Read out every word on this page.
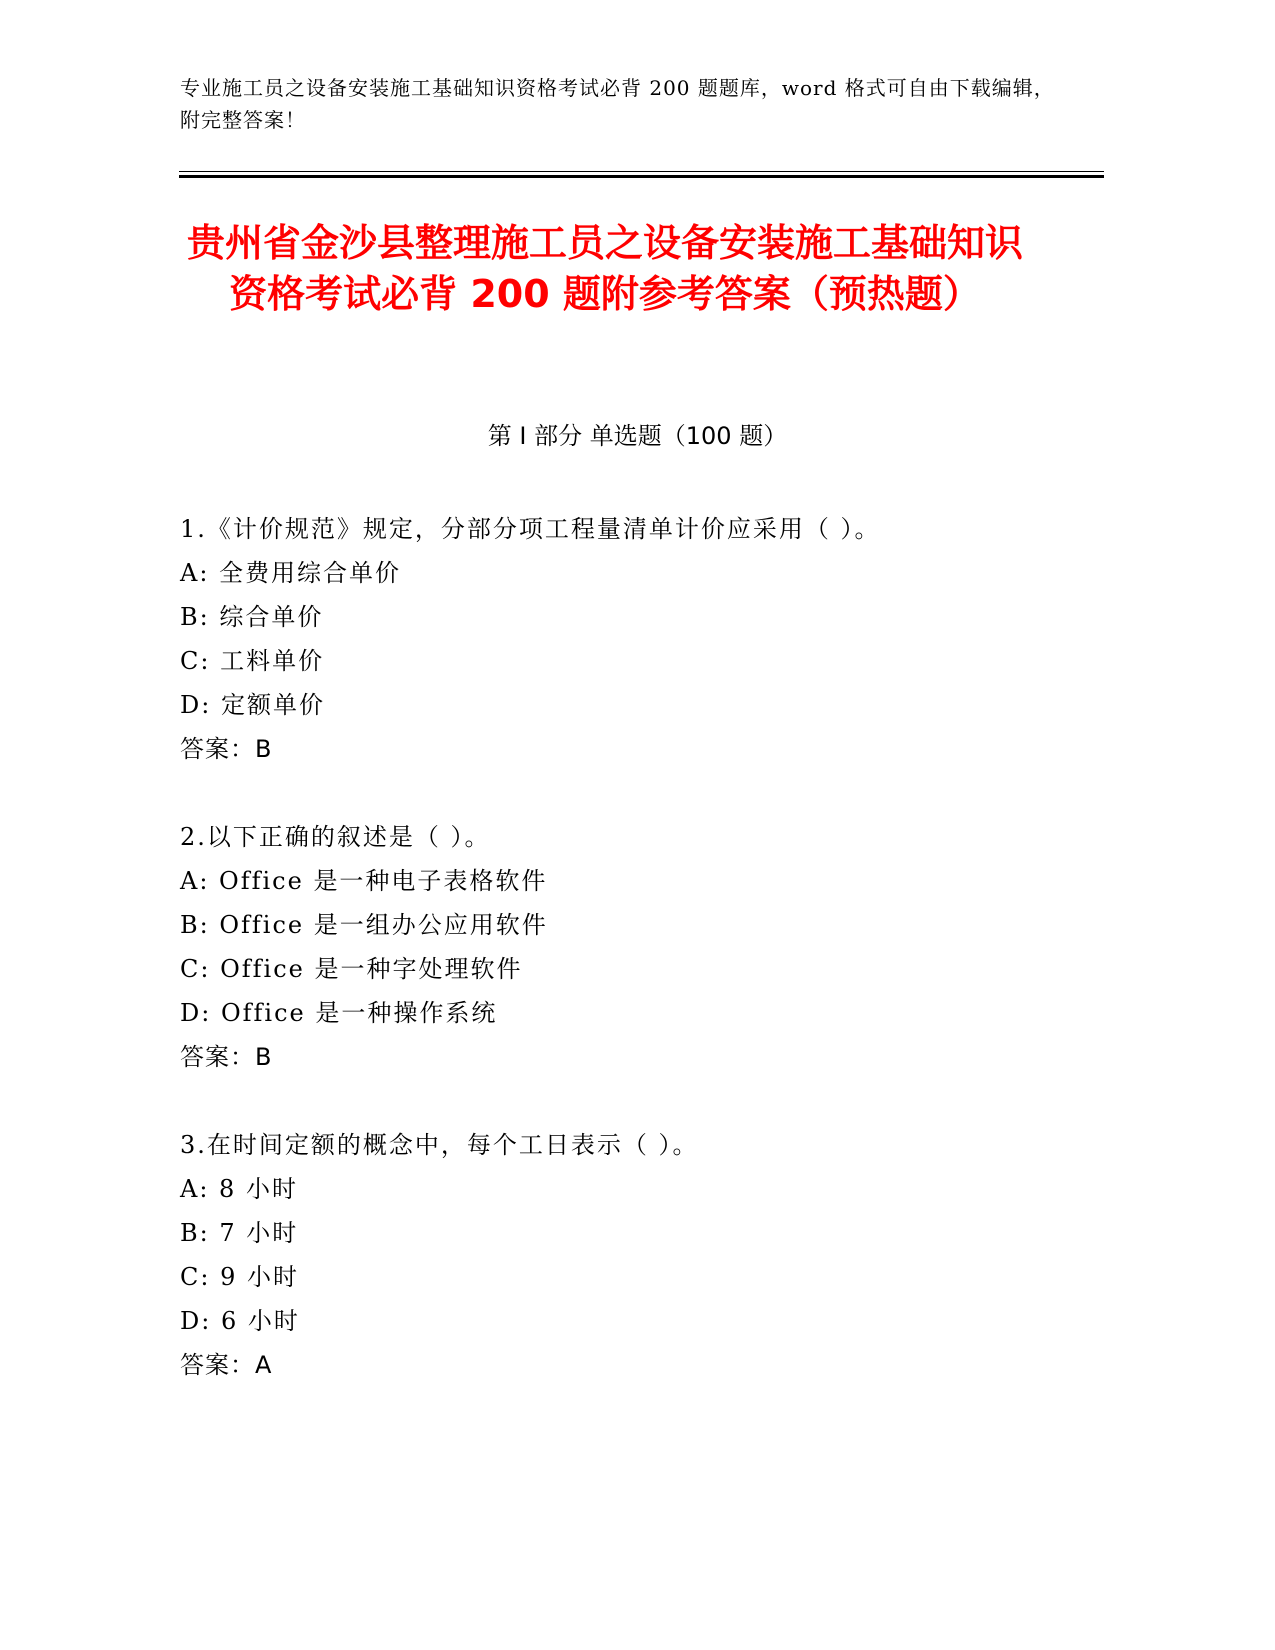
专业施工员之设备安装施工基础知识资格考试必背 200 题题库，word 格式可自由下载编辑，附完整答案！
贵州省金沙县整理施工员之设备安装施工基础知识资格考试必背 200 题附参考答案（预热题）
第 I 部分 单选题（100 题）
1.《计价规范》规定，分部分项工程量清单计价应采用（ ）。
A: 全费用综合单价
B: 综合单价
C: 工料单价
D: 定额单价
答案：B
2.以下正确的叙述是（ ）。
A: Office 是一种电子表格软件
B: Office 是一组办公应用软件
C: Office 是一种字处理软件
D: Office 是一种操作系统
答案：B
3.在时间定额的概念中，每个工日表示（ ）。
A: 8 小时
B: 7 小时
C: 9 小时
D: 6 小时
答案：A
